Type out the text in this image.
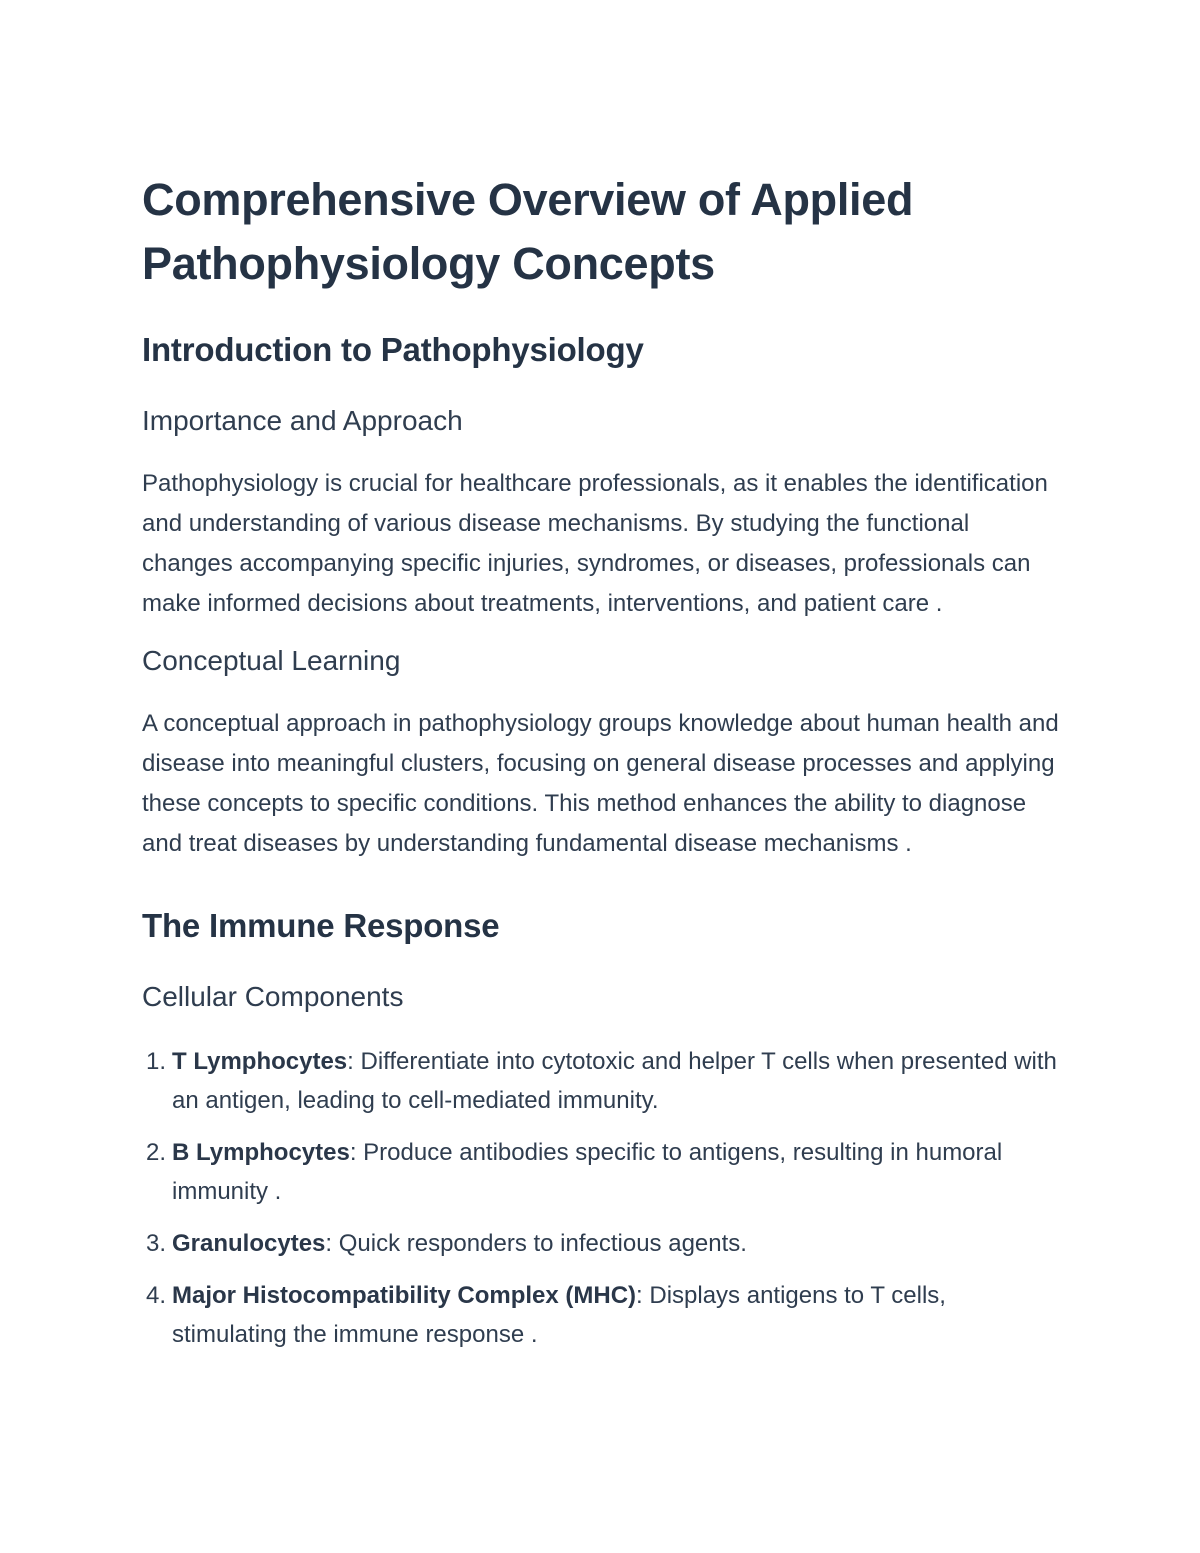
Comprehensive Overview of Applied Pathophysiology Concepts
Introduction to Pathophysiology
Importance and Approach

Pathophysiology is crucial for healthcare professionals, as it enables the identification and understanding of various disease mechanisms. By studying the functional changes accompanying specific injuries, syndromes, or diseases, professionals can make informed decisions about treatments, interventions, and patient care .

Conceptual Learning

A conceptual approach in pathophysiology groups knowledge about human health and disease into meaningful clusters, focusing on general disease processes and applying these concepts to specific conditions. This method enhances the ability to diagnose and treat diseases by understanding fundamental disease mechanisms .

The Immune Response
Cellular Components
1. T Lymphocytes: Differentiate into cytotoxic and helper T cells when presented with an antigen, leading to cell-mediated immunity.
2. B Lymphocytes: Produce antibodies specific to antigens, resulting in humoral immunity .
3. Granulocytes: Quick responders to infectious agents.
4. Major Histocompatibility Complex (MHC): Displays antigens to T cells, stimulating the immune response .
